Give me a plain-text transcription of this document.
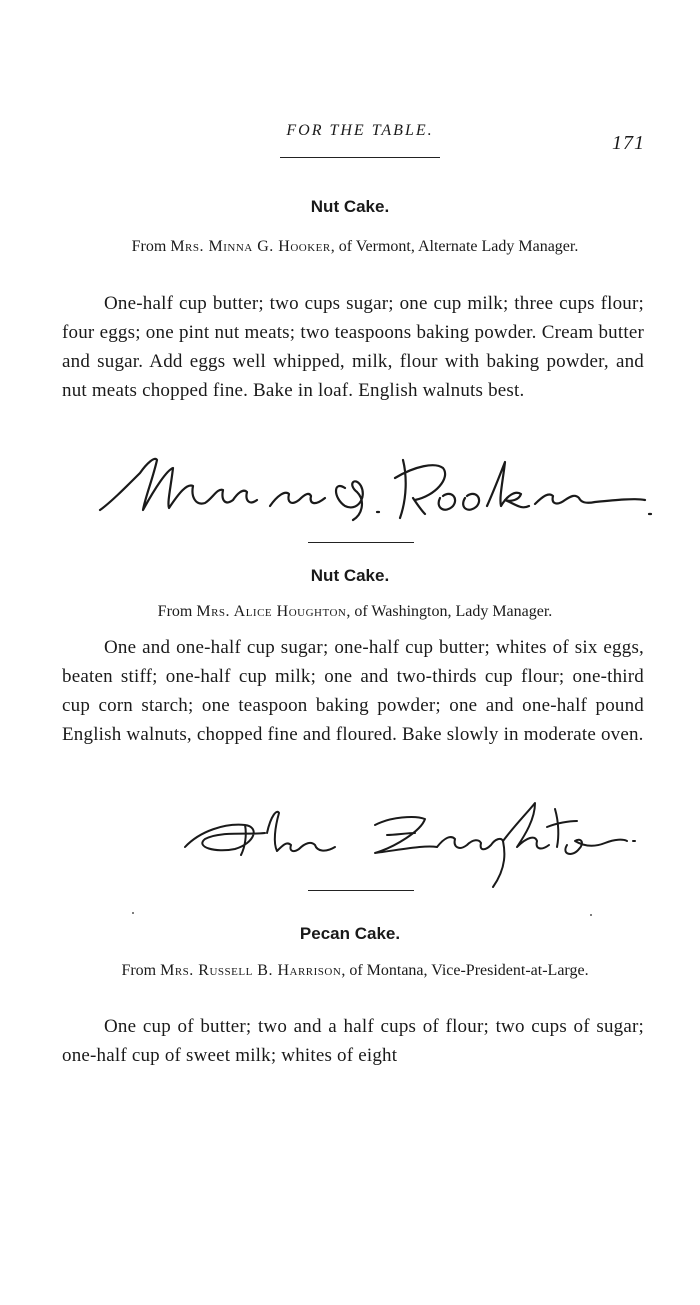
FOR THE TABLE.
171
Nut Cake.
From Mrs. Minna G. Hooker, of Vermont, Alternate Lady Manager.
One-half cup butter; two cups sugar; one cup milk; three cups flour; four eggs; one pint nut meats; two teaspoons baking powder. Cream butter and sugar. Add eggs well whipped, milk, flour with baking powder, and nut meats chopped fine. Bake in loaf. English walnuts best.
Nut Cake.
From Mrs. Alice Houghton, of Washington, Lady Manager.
One and one-half cup sugar; one-half cup butter; whites of six eggs, beaten stiff; one-half cup milk; one and two-thirds cup flour; one-third cup corn starch; one teaspoon baking powder; one and one-half pound English walnuts, chopped fine and floured. Bake slowly in moderate oven.
Pecan Cake.
From Mrs. Russell B. Harrison, of Montana, Vice-President-at-Large.
One cup of butter; two and a half cups of flour; two cups of sugar; one-half cup of sweet milk; whites of eight
